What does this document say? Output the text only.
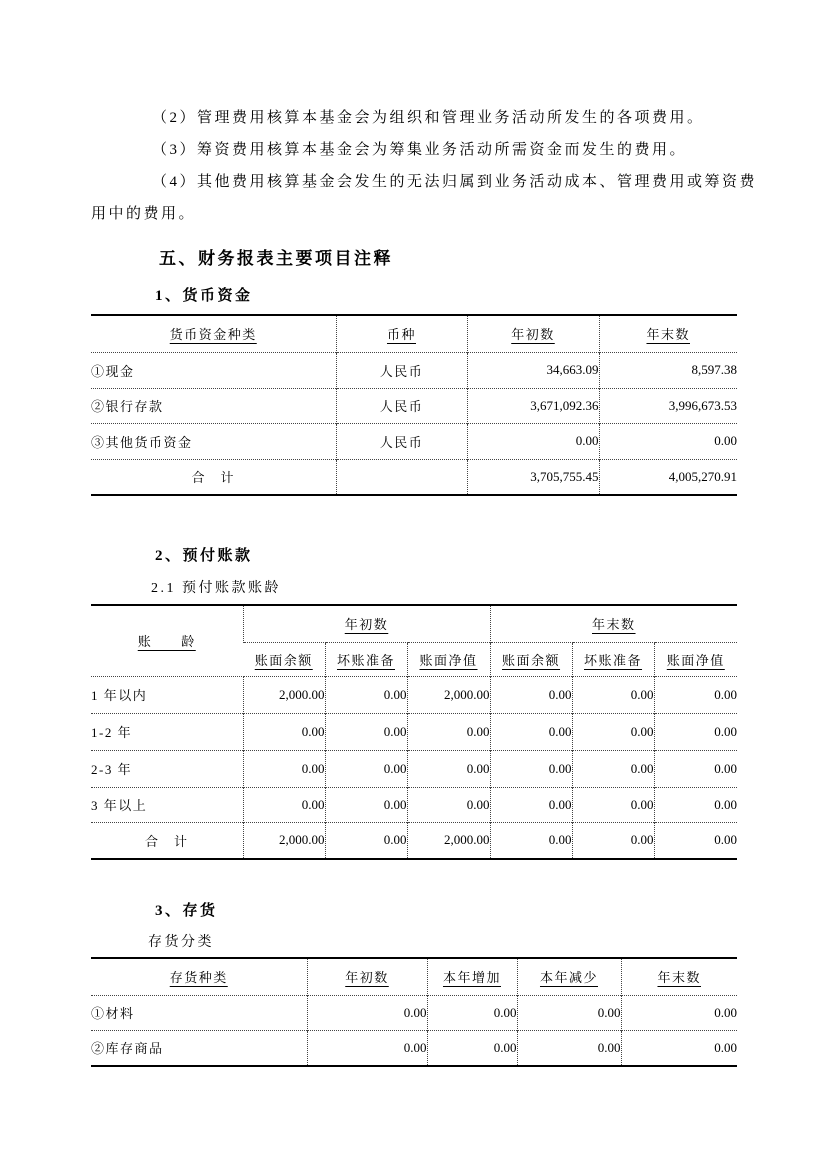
（2）管理费用核算本基金会为组织和管理业务活动所发生的各项费用。
（3）筹资费用核算本基金会为筹集业务活动所需资金而发生的费用。
（4）其他费用核算基金会发生的无法归属到业务活动成本、管理费用或筹资费
用中的费用。
五、财务报表主要项目注释
1、货币资金
货币资金种类	币种	年初数	年末数
①现金	人民币	34,663.09	8,597.38
②银行存款	人民币	3,671,092.36	3,996,673.53
③其他货币资金	人民币	0.00	0.00
合　计		3,705,755.45	4,005,270.91
2、预付账款
2.1 预付账款账龄
账　　龄	年初数			年末数		
	账面余额	坏账准备	账面净值	账面余额	坏账准备	账面净值
1 年以内	2,000.00	0.00	2,000.00	0.00	0.00	0.00
1-2 年	0.00	0.00	0.00	0.00	0.00	0.00
2-3 年	0.00	0.00	0.00	0.00	0.00	0.00
3 年以上	0.00	0.00	0.00	0.00	0.00	0.00
合　计	2,000.00	0.00	2,000.00	0.00	0.00	0.00
3、存货
存货分类
存货种类	年初数	本年增加	本年减少	年末数
①材料	0.00	0.00	0.00	0.00
②库存商品	0.00	0.00	0.00	0.00
